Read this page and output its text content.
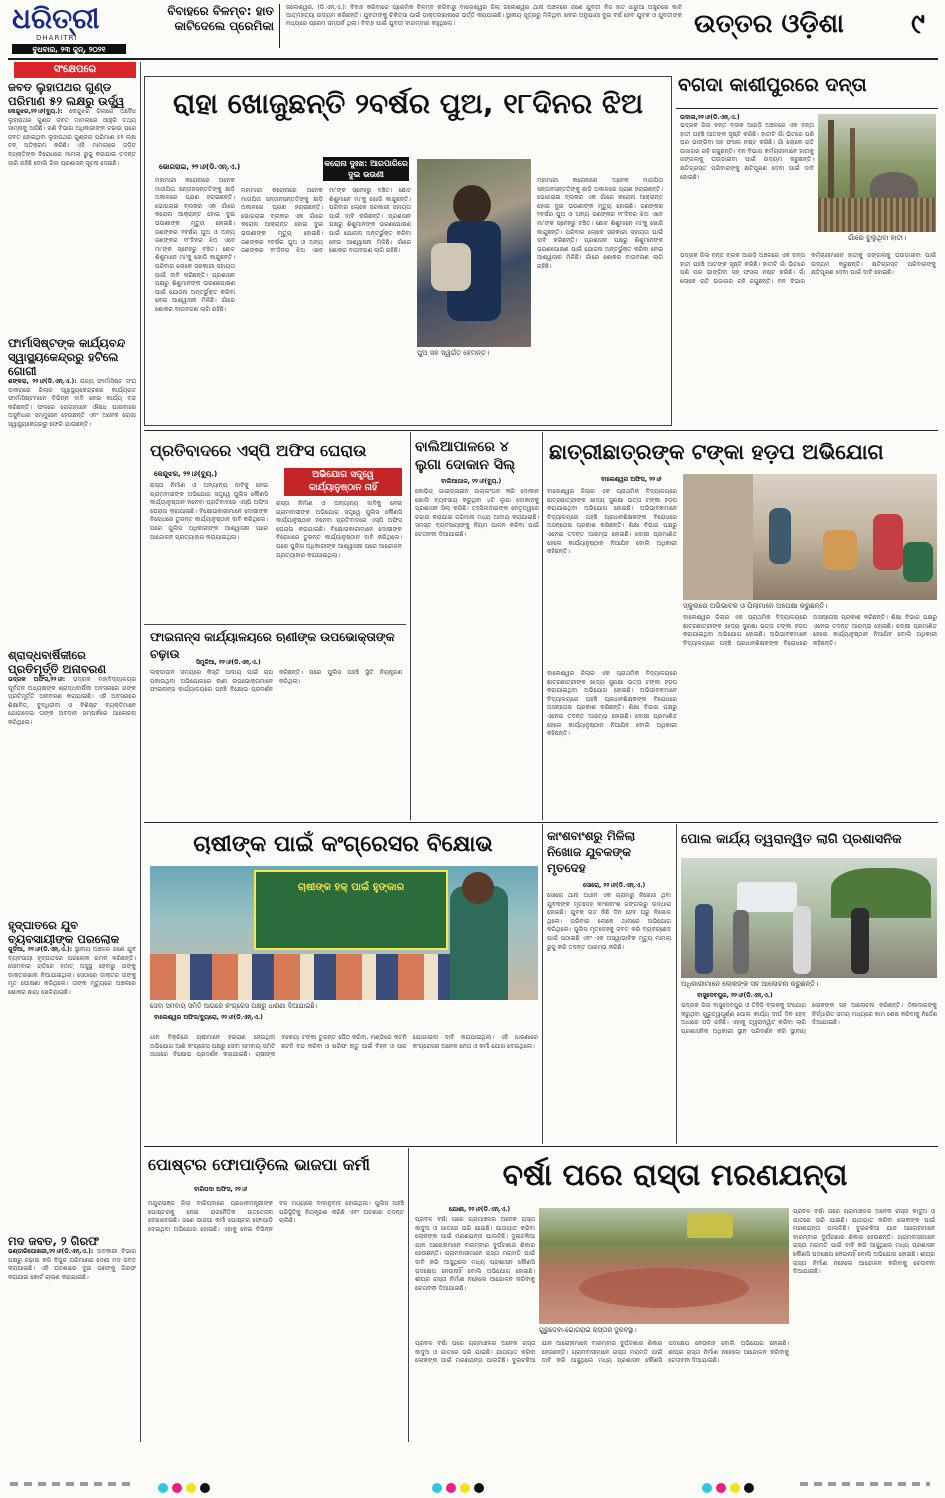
ଧରିତ୍ରୀ
DHARITRI
ବିବାହରେ ବିଳମ୍ବ: ହାତ କାଟିଦେଲେ ପ୍ରେମିକା
ଜଲେଶ୍ୱର, (ଡି.ଏନ୍.ଏ.): ବିବାହ କରିବାରେ ପ୍ରେମିକ ବିଳମ୍ବ କରିବାରୁ ବାଲେଶ୍ୱର ଜିଲା ଜଲେଶ୍ୱର ଥାନା ଅଞ୍ଚଳରେ ଜଣେ ଯୁବତୀ ନିଜ ହାତ ଧାରୁଆ ଅସ୍ତ୍ରରେ କାଟି ଆତ୍ମହତ୍ୟା ଉଦ୍ୟମ କରିଛନ୍ତି। ଯୁବତୀଙ୍କୁ ଚିକିତ୍ସା ପାଇଁ ଡାକ୍ତରଖାନାରେ ଭର୍ତ୍ତି କରାଯାଇଛି। ସ୍ଥାନୀୟ ସୂତ୍ରରୁ ମିଳିଥିବା ଖବର ଅନୁଯାୟୀ ଦୁଇ ବର୍ଷ ହେବ ଯୁବକ ଓ ଯୁବତୀଙ୍କ ମଧ୍ୟରେ ପ୍ରେମ ସମ୍ପର୍କ ଥିଲା। ବିବାହ ପାଇଁ ଯୁବତୀ ବାରମ୍ବାର କହୁଥିଲେ।	ଉତ୍ତର ଓଡ଼ିଶା	୯
ବୁଧବାର, ୨୩ ଜୁନ୍, ୨୦୨୧
ସଂକ୍ଷେପରେ
ଜବତ ଲୁହାପଥର ଗୁଣ୍ଡ ପରିମାଣ ୫୨ ଲକ୍ଷରୁ ଉର୍ଦ୍ଧ୍ୱ
କେନ୍ଦୁଝର,୨୨।୬(ବ୍ୟୁ.): କେନ୍ଦୁଝର ଜିଲାରେ ଅବୈଧ ଲୁହାପଥର ଗୁଣ୍ଡ ଜବତ ମାମଲାରେ ଆହୁରି ତଥ୍ୟ ସାମ୍ନାକୁ ଆସିଛି। ଖଣି ବିଭାଗ ଅଧିକାରୀଙ୍କ ଚଢ଼ାଉ ପରେ ଜବତ ହୋଇଥିବା ଲୁହାପଥର ଗୁଣ୍ଡର ପରିମାଣ ୫୨ ଲକ୍ଷ ଟନ୍ ଅତିକ୍ରମ କରିଛି। ଏହି ମାମଲାରେ ଜଡ଼ିତ ବ୍ୟକ୍ତିଙ୍କ ବିରୋଧରେ ମାମଲା ରୁଜୁ କରାଯାଇ ତଦନ୍ତ ଜାରି ରହିଛି ବୋଲି ଜିଲା ପ୍ରଶାସନ ସୂଚନା ଦେଇଛି।
ଫାର୍ମାସିଷ୍ଟଙ୍କ କାର୍ଯ୍ୟବନ୍ଦ ସ୍ୱାସ୍ଥ୍ୟକେନ୍ଦ୍ରରୁ ହଟିଲେ ଗୋଗୀ
ଶଙ୍କରା, ୨୨।୬(ଡି.ଏନ୍.ଏ.): ରାଜ୍ୟ ଫାର୍ମାସିଷ୍ଟ ସଂଘ ଡାକରାରେ ଜିଲାର ସ୍ୱାସ୍ଥ୍ୟକେନ୍ଦ୍ରରେ କାର୍ଯ୍ୟରତ ଫାର୍ମାସିଷ୍ଟମାନେ ବିଭିନ୍ନ ଦାବି ନେଇ କାର୍ଯ୍ୟ ବନ୍ଦ କରିଛନ୍ତି। ଫଳରେ ରୋଗୀମାନେ ଔଷଧ ପାଇବାରେ ଅସୁବିଧାର ସମ୍ମୁଖୀନ ହେଉଛନ୍ତି ଏବଂ ଅନେକ ରୋଗୀ ସ୍ୱାସ୍ଥ୍ୟକେନ୍ଦ୍ରରୁ ଫେରି ଯାଉଛନ୍ତି।
ଶ୍ରାଦ୍ଧବାର୍ଷିକୀରେ ପ୍ରତିମୂର୍ତ୍ତି ଅନାବରଣ
ଭଦ୍ରକ ଅଫିସ,୨୨।୬: ଭଦ୍ରକ ମହାବିଦ୍ୟାଳୟର ପୂର୍ବତନ ଅଧ୍ୟକ୍ଷଙ୍କ ଶ୍ରାଦ୍ଧବାର୍ଷିକୀ ଅବସରରେ ତାଙ୍କ ପ୍ରତିମୂର୍ତ୍ତି ଅନାବରଣ କରାଯାଇଛି। ଏହି ଅବସରରେ ଶିକ୍ଷାବିତ୍, ବୁଦ୍ଧିଜୀବୀ ଓ ବିଶିଷ୍ଟ ବ୍ୟକ୍ତିମାନେ ଯୋଗଦେଇ ତାଙ୍କ ଅବଦାନ ସମ୍ପର୍କରେ ଆଲୋଚନା କରିଥିଲେ।
ହୃଦ୍‌ଘାତରେ ଯୁବ ବ୍ୟବସାୟୀଙ୍କ ପରଲୋକ
ଗୁଡ଼ିଆ, ୨୨।୬(ଡି.ଏନ୍.ଏ.): ସ୍ଥାନୀୟ ଅଞ୍ଚଳର ଜଣେ ଯୁବ ବ୍ୟବସାୟୀ ହୃଦ୍‌ଘାତରେ ପରଲୋକ ଗମନ କରିଛନ୍ତି। ସୋମବାର ରାତିରେ ହଠାତ୍ ଅସୁସ୍ଥ ହେବାରୁ ତାଙ୍କୁ ଡାକ୍ତରଖାନା ନିଆଯାଇଥିଲା। ସେଠାରେ ଡାକ୍ତର ତାଙ୍କୁ ମୃତ ଘୋଷଣା କରିଥିଲେ। ତାଙ୍କ ମୃତ୍ୟୁରେ ଅଞ୍ଚଳରେ ଶୋକର ଛାୟା ଖେଳିଯାଇଛି।
ମଦ ଜବତ, ୨ ଗିରଫ
ଭଣ୍ଡାରିପୋଖରୀ,୨୨।୬(ଡି.ଏନ୍.ଏ.): ଅବକାରୀ ବିଭାଗ ପକ୍ଷରୁ ଚଢ଼ାଉ କରି ବିପୁଳ ପରିମାଣର ଦେଶୀ ମଦ ଜବତ କରାଯାଇଛି। ଏହି ଘଟଣାରେ ଦୁଇ ଜଣଙ୍କୁ ଗିରଫ କରାଯାଇ କୋର୍ଟ ଚାଲାଣ କରାଯାଇଛି।
ରାହା ଖୋଜୁଛନ୍ତି ୨ବର୍ଷର ପୁଅ, ୧୮ଦିନର ଝିଅ
ଭୋଗରାଇ, ୨୨।୬(ଡି.ଏନ୍.ଏ.)	କରୋନା ଦୁଃଖ: ଆରପାରିରେ ଦୁଇ ଭଉଣୀ
ମହାମାରୀ କରୋନାରେ ଅନେକ ମାତାପିତା ସନ୍ତାନସନ୍ତତିଙ୍କୁ ଛାଡ଼ି ଅକାଳରେ ପ୍ରାଣ ହରାଇଛନ୍ତି। ଭୋଗରାଇ ବ୍ଲକର ଏକ ଗାଁରେ କରୋନା ଆକ୍ରାନ୍ତ ହୋଇ ଦୁଇ ଭଉଣୀଙ୍କ ମୃତ୍ୟୁ ହୋଇଛି। ଜଣଙ୍କର ୨ବର୍ଷର ପୁଅ ଓ ଅନ୍ୟ ଜଣଙ୍କର ୧୮ଦିନର ଝିଅ ଏବେ ମା'ଙ୍କ ସ୍ନେହରୁ ବଞ୍ଚିତ। ଛୋଟ ଶିଶୁମାନେ ମା'କୁ ଖୋଜି କାନ୍ଦୁଛନ୍ତି। ପରିବାର ଲୋକେ ସରକାରୀ ସହାୟତା ପାଇଁ ଦାବି କରିଛନ୍ତି। ପ୍ରଶାସନ ପକ୍ଷରୁ ଶିଶୁମାନଙ୍କ ଭରଣପୋଷଣ ପାଇଁ ଯୋଜନା ଅନ୍ତର୍ଭୁକ୍ତ କରିବା ନେଇ ଆଶ୍ୱାସନା ମିଳିଛି। ଗାଁରେ ଶୋକର ବାତାବରଣ ଲାଗି ରହିଛି।
ମହାମାରୀ କରୋନାରେ ଅନେକ ମାତାପିତା ସନ୍ତାନସନ୍ତତିଙ୍କୁ ଛାଡ଼ି ଅକାଳରେ ପ୍ରାଣ ହରାଇଛନ୍ତି। ଭୋଗରାଇ ବ୍ଲକର ଏକ ଗାଁରେ କରୋନା ଆକ୍ରାନ୍ତ ହୋଇ ଦୁଇ ଭଉଣୀଙ୍କ ମୃତ୍ୟୁ ହୋଇଛି। ଜଣଙ୍କର ୨ବର୍ଷର ପୁଅ ଓ ଅନ୍ୟ ଜଣଙ୍କର ୧୮ଦିନର ଝିଅ ଏବେ ମା'ଙ୍କ ସ୍ନେହରୁ ବଞ୍ଚିତ। ଛୋଟ ଶିଶୁମାନେ ମା'କୁ ଖୋଜି କାନ୍ଦୁଛନ୍ତି। ପରିବାର ଲୋକେ ସରକାରୀ ସହାୟତା ପାଇଁ ଦାବି କରିଛନ୍ତି। ପ୍ରଶାସନ ପକ୍ଷରୁ ଶିଶୁମାନଙ୍କ ଭରଣପୋଷଣ ପାଇଁ ଯୋଜନା ଅନ୍ତର୍ଭୁକ୍ତ କରିବା ନେଇ ଆଶ୍ୱାସନା ମିଳିଛି। ଗାଁରେ ଶୋକର ବାତାବରଣ ଲାଗି ରହିଛି।
ପୁଅ ସହ ସ୍ୱର୍ଗତ ହେମନ୍ତ।
ମହାମାରୀ କରୋନାରେ ଅନେକ ମାତାପିତା ସନ୍ତାନସନ୍ତତିଙ୍କୁ ଛାଡ଼ି ଅକାଳରେ ପ୍ରାଣ ହରାଇଛନ୍ତି। ଭୋଗରାଇ ବ୍ଲକର ଏକ ଗାଁରେ କରୋନା ଆକ୍ରାନ୍ତ ହୋଇ ଦୁଇ ଭଉଣୀଙ୍କ ମୃତ୍ୟୁ ହୋଇଛି। ଜଣଙ୍କର ୨ବର୍ଷର ପୁଅ ଓ ଅନ୍ୟ ଜଣଙ୍କର ୧୮ଦିନର ଝିଅ ଏବେ ମା'ଙ୍କ ସ୍ନେହରୁ ବଞ୍ଚିତ। ଛୋଟ ଶିଶୁମାନେ ମା'କୁ ଖୋଜି କାନ୍ଦୁଛନ୍ତି। ପରିବାର ଲୋକେ ସରକାରୀ ସହାୟତା ପାଇଁ ଦାବି କରିଛନ୍ତି। ପ୍ରଶାସନ ପକ୍ଷରୁ ଶିଶୁମାନଙ୍କ ଭରଣପୋଷଣ ପାଇଁ ଯୋଜନା ଅନ୍ତର୍ଭୁକ୍ତ କରିବା ନେଇ ଆଶ୍ୱାସନା ମିଳିଛି। ଗାଁରେ ଶୋକର ବାତାବରଣ ଲାଗି ରହିଛି।
ବଗଦା କାଶୀପୁରରେ ଦନ୍ତା
ଉଦାଳା,୨୨।୬(ଡି.ଏନ୍.ଏ.)
ଭଦ୍ରକ ଜିଲା ବନ୍ତ ବ୍ଲକ ଆରଡ଼ି ଅଞ୍ଚଳରେ ଏକ ଦନ୍ତା ହାତୀ ପହଞ୍ଚି ଆତଙ୍କ ସୃଷ୍ଟି କରିଛି। ହାତୀଟି ଗାଁ ଭିତରେ ପଶି ଘର ଭାଙ୍ଗିବା ସହ ଫସଲ ନଷ୍ଟ କରିଛି। ଗାଁ ଲୋକେ ରାତି ଉଜାଗର ରହି ଜଗୁଛନ୍ତି। ବନ ବିଭାଗ କର୍ମଚାରୀମାନେ ହାତୀକୁ ଜଙ୍ଗଲକୁ ଘଉଡ଼ାଇବା ପାଇଁ ଉଦ୍ୟମ କରୁଛନ୍ତି। କ୍ଷତିଗ୍ରସ୍ତ ପରିବାରଙ୍କୁ କ୍ଷତିପୂରଣ ଦେବା ପାଇଁ ଦାବି ହୋଇଛି।
ଗାଁରେ ବୁଲୁଥିବା ହାତୀ।
ଭଦ୍ରକ ଜିଲା ବନ୍ତ ବ୍ଲକ ଆରଡ଼ି ଅଞ୍ଚଳରେ ଏକ ଦନ୍ତା ହାତୀ ପହଞ୍ଚି ଆତଙ୍କ ସୃଷ୍ଟି କରିଛି। ହାତୀଟି ଗାଁ ଭିତରେ ପଶି ଘର ଭାଙ୍ଗିବା ସହ ଫସଲ ନଷ୍ଟ କରିଛି। ଗାଁ ଲୋକେ ରାତି ଉଜାଗର ରହି ଜଗୁଛନ୍ତି। ବନ ବିଭାଗ କର୍ମଚାରୀମାନେ ହାତୀକୁ ଜଙ୍ଗଲକୁ ଘଉଡ଼ାଇବା ପାଇଁ ଉଦ୍ୟମ କରୁଛନ୍ତି। କ୍ଷତିଗ୍ରସ୍ତ ପରିବାରଙ୍କୁ କ୍ଷତିପୂରଣ ଦେବା ପାଇଁ ଦାବି ହୋଇଛି।
ପ୍ରତିବାଦରେ ଏସ୍‌ପି ଅଫିସ ଘେରାଉ
କେନ୍ଦୁଝର, ୨୨।୬(ବ୍ୟୁ.)
ରାସ୍ତା ନିର୍ମାଣ ଓ ଅନ୍ୟାନ୍ୟ ଦାବିକୁ ନେଇ ଗ୍ରାମବାସୀଙ୍କ ଅଭିଯୋଗ ସତ୍ତ୍ୱେ ପୁଲିସ କୌଣସି କାର୍ଯ୍ୟାନୁଷ୍ଠାନ ନନେବା ପ୍ରତିବାଦରେ ଏସ୍‌ପି ଅଫିସ ଘେରାଉ କରାଯାଇଛି। ବିକ୍ଷୋଭକାରୀମାନେ ଦୋଷୀଙ୍କ ବିରୋଧରେ ତୁରନ୍ତ କାର୍ଯ୍ୟାନୁଷ୍ଠାନ ଦାବି କରିଥିଲେ। ପରେ ପୁଲିସ ଅଧିକାରୀଙ୍କ ଆଶ୍ୱାସନା ପରେ ଆନ୍ଦୋଳନ ପ୍ରତ୍ୟାହାର କରାଯାଇଥିଲା।
ଅଭିଯୋଗ ସତ୍ତ୍ୱେ କାର୍ଯ୍ୟାନୁଷ୍ଠାନ ନାହିଁ
ରାସ୍ତା ନିର୍ମାଣ ଓ ଅନ୍ୟାନ୍ୟ ଦାବିକୁ ନେଇ ଗ୍ରାମବାସୀଙ୍କ ଅଭିଯୋଗ ସତ୍ତ୍ୱେ ପୁଲିସ କୌଣସି କାର୍ଯ୍ୟାନୁଷ୍ଠାନ ନନେବା ପ୍ରତିବାଦରେ ଏସ୍‌ପି ଅଫିସ ଘେରାଉ କରାଯାଇଛି। ବିକ୍ଷୋଭକାରୀମାନେ ଦୋଷୀଙ୍କ ବିରୋଧରେ ତୁରନ୍ତ କାର୍ଯ୍ୟାନୁଷ୍ଠାନ ଦାବି କରିଥିଲେ। ପରେ ପୁଲିସ ଅଧିକାରୀଙ୍କ ଆଶ୍ୱାସନା ପରେ ଆନ୍ଦୋଳନ ପ୍ରତ୍ୟାହାର କରାଯାଇଥିଲା।
ବାଲିଆପାଳରେ ୪ ଲୁଗା ଦୋକାନ ସିଲ୍
ବାଲିଆପାଳ, ୨୨।୬(ବ୍ୟୁ.)
କୋଭିଡ୍ ଗାଇଡ୍‌ଲାଇନ ଉଲ୍ଲଂଘନ କରି ଦୋକାନ ଖୋଲି ବ୍ୟବସାୟ କରୁଥିବା ୪ଟି ଲୁଗା ଦୋକାନକୁ ପ୍ରଶାସନ ସିଲ୍ କରିଛି। ତହସିଲଦାରଙ୍କ ନେତୃତ୍ୱରେ ଚଢ଼ାଉ କରାଯାଇ ଜରିମାନା ମଧ୍ୟ ଆଦାୟ କରାଯାଇଛି। ସମସ୍ତ ବ୍ୟବସାୟୀଙ୍କୁ ନିୟମ ପାଳନ କରିବା ପାଇଁ ଚେତାବନୀ ଦିଆଯାଇଛି।
ଛାତ୍ରୀଛାତ୍ରଙ୍କ ଟଙ୍କା ହଡ଼ପ ଅଭିଯୋଗ
ବାଲେଶ୍ୱର ଅଫିସ, ୨୨।୬
ବାଲେଶ୍ୱର ଜିଲାର ଏକ ପ୍ରାଥମିକ ବିଦ୍ୟାଳୟରେ ଛାତ୍ରଛାତ୍ରୀଙ୍କ ଖାଦ୍ୟ ସୁରକ୍ଷା ଭତ୍ତା ଟଙ୍କା ହଡ଼ପ କରାଯାଇଥିବା ଅଭିଯୋଗ ହୋଇଛି। ଅଭିଭାବକମାନେ ବିଦ୍ୟାଳୟରେ ପହଞ୍ଚି ପ୍ରଧାନଶିକ୍ଷକଙ୍କ ବିରୋଧରେ ଅସନ୍ତୋଷ ପ୍ରକାଶ କରିଛନ୍ତି। ଶିକ୍ଷା ବିଭାଗ ପକ୍ଷରୁ ଏନେଇ ତଦନ୍ତ ଆରମ୍ଭ ହୋଇଛି। ଦୋଷୀ ପ୍ରମାଣିତ ହେଲେ କାର୍ଯ୍ୟାନୁଷ୍ଠାନ ନିଆଯିବ ବୋଲି ଅଧିକାରୀ କହିଛନ୍ତି।
ସ୍କୁଲରେ ଅଭିଭାବକ ଓ ପିଲାମାନେ ଅପେକ୍ଷା କରୁଛନ୍ତି।
ବାଲେଶ୍ୱର ଜିଲାର ଏକ ପ୍ରାଥମିକ ବିଦ୍ୟାଳୟରେ ଛାତ୍ରଛାତ୍ରୀଙ୍କ ଖାଦ୍ୟ ସୁରକ୍ଷା ଭତ୍ତା ଟଙ୍କା ହଡ଼ପ କରାଯାଇଥିବା ଅଭିଯୋଗ ହୋଇଛି। ଅଭିଭାବକମାନେ ବିଦ୍ୟାଳୟରେ ପହଞ୍ଚି ପ୍ରଧାନଶିକ୍ଷକଙ୍କ ବିରୋଧରେ ଅସନ୍ତୋଷ ପ୍ରକାଶ କରିଛନ୍ତି। ଶିକ୍ଷା ବିଭାଗ ପକ୍ଷରୁ ଏନେଇ ତଦନ୍ତ ଆରମ୍ଭ ହୋଇଛି। ଦୋଷୀ ପ୍ରମାଣିତ ହେଲେ କାର୍ଯ୍ୟାନୁଷ୍ଠାନ ନିଆଯିବ ବୋଲି ଅଧିକାରୀ କହିଛନ୍ତି।
ବାଲେଶ୍ୱର ଜିଲାର ଏକ ପ୍ରାଥମିକ ବିଦ୍ୟାଳୟରେ ଛାତ୍ରଛାତ୍ରୀଙ୍କ ଖାଦ୍ୟ ସୁରକ୍ଷା ଭତ୍ତା ଟଙ୍କା ହଡ଼ପ କରାଯାଇଥିବା ଅଭିଯୋଗ ହୋଇଛି। ଅଭିଭାବକମାନେ ବିଦ୍ୟାଳୟରେ ପହଞ୍ଚି ପ୍ରଧାନଶିକ୍ଷକଙ୍କ ବିରୋଧରେ ଅସନ୍ତୋଷ ପ୍ରକାଶ କରିଛନ୍ତି। ଶିକ୍ଷା ବିଭାଗ ପକ୍ଷରୁ ଏନେଇ ତଦନ୍ତ ଆରମ୍ଭ ହୋଇଛି। ଦୋଷୀ ପ୍ରମାଣିତ ହେଲେ କାର୍ଯ୍ୟାନୁଷ୍ଠାନ ନିଆଯିବ ବୋଲି ଅଧିକାରୀ କହିଛନ୍ତି।
ଫାଇନାନ୍ସ କାର୍ଯ୍ୟାଳୟରେ ଋଣୀଙ୍କ ଉପଭୋକ୍ତାଙ୍କ ଚଢ଼ାଉ
ସିମୁଳିଆ, ୨୨।୬(ଡି.ଏନ୍.ଏ.)
ଲକ୍‌ଡାଉନ ସମୟରେ କିସ୍ତି ଆଦାୟ ପାଇଁ ଚାପ ପକାଉଥିବା ଅଭିଯୋଗରେ ଋଣୀ ଉପଭୋକ୍ତାମାନେ ଫାଇନାନ୍ସ କାର୍ଯ୍ୟାଳୟରେ ପହଞ୍ଚି ବିକ୍ଷୋଭ ପ୍ରଦର୍ଶନ କରିଛନ୍ତି। ପରେ ପୁଲିସ ପହଞ୍ଚି ସ୍ଥିତି ନିୟନ୍ତ୍ରଣ କରିଥିଲା।
ଚାଷୀଙ୍କ ପାଇଁ କଂଗ୍ରେସର ବିକ୍ଷୋଭ
ଚାଷୀଙ୍କ ହକ୍ ପାଇଁ ହୁଙ୍କାର
ସେବା ସମବାୟ ସମିତି ଆଗରେ କଂଗ୍ରେସ ପକ୍ଷରୁ ଧାରଣା ଦିଆଯାଇଛି।
ବାଲେଶ୍ୱର ଅଫିସ/ବ୍ୟୁରୋ, ୨୨।୬(ଡି.ଏନ୍.ଏ.)
ଧାନ ବିକ୍ରିରେ ଚାଷୀମାନେ ହଇରାଣ ହେଉଥିବା ଅଭିଯୋଗ ଆଣି କଂଗ୍ରେସ ପକ୍ଷରୁ ସେବା ସମବାୟ ସମିତି ଆଗରେ ବିକ୍ଷୋଭ ପ୍ରଦର୍ଶନ କରାଯାଇଛି। ଚାଷୀଙ୍କ ବକେୟା ଟଙ୍କା ତୁରନ୍ତ ପୈଠ କରିବା, ମଣ୍ଡିରେ କଟନି ଛଟନି ବନ୍ଦ କରିବା ଓ ଖରିଫ ଋତୁ ପାଇଁ ବିହନ ଓ ସାର ଯୋଗାଇବା ଦାବି କରାଯାଇଥିଲା। ଏହି ଧାରଣାରେ କଂଗ୍ରେସର ଅନେକ ନେତା ଓ କର୍ମୀ ଯୋଗ ଦେଇଥିଲେ।
କାଂଶବାଂଶରୁ ମିଳିଲା ନିଖୋଜ ଯୁବକଙ୍କ ମୃତଦେହ
ସୋରୋ, ୨୨।୬(ଡି.ଏନ୍.ଏ.)
ସୋରୋ ଥାନା ଅଧୀନ ଏକ ଗ୍ରାମରୁ ନିଖୋଜ ଥିବା ଯୁବକଙ୍କ ମୃତଦେହ କାଂଶବାଂଶ ଜଙ୍ଗଲରୁ ଉଦ୍ଧାର ହୋଇଛି। ଯୁବକ ଗତ କିଛି ଦିନ ହେବ ଘରୁ ନିଖୋଜ ଥିଲେ। ପରିବାର ଲୋକେ ଥାନାରେ ଅଭିଯୋଗ କରିଥିଲେ। ପୁଲିସ ମୃତଦେହକୁ ଜବତ କରି ବ୍ୟବଚ୍ଛେଦ ପାଇଁ ପଠାଇଛି ଏବଂ ଏକ ଅସ୍ୱାଭାବିକ ମୃତ୍ୟୁ ମାମଲା ରୁଜୁ କରି ତଦନ୍ତ ଆରମ୍ଭ କରିଛି।
ପୋଲ କାର୍ଯ୍ୟ ତ୍ୱରାନ୍ୱିତ ଲାଗି ପ୍ରଶାସନିକ
ଅଧିକାରୀମାନେ ଲୋକଙ୍କ ସହ ଆଲୋଚନା କରୁଛନ୍ତି।
ବାସୁଦେବପୁର, ୨୨।୬(ଡି.ଏନ୍.ଏ.)
ଭଦ୍ରକ ଜିଲା ବାସୁଦେବପୁର ଓ ତିହିଡ଼ି ବ୍ଲକକୁ ସଂଯୋଗ କରୁଥିବା ଗୁରୁତ୍ୱପୂର୍ଣ୍ଣ ପୋଲ କାର୍ଯ୍ୟ ଦୀର୍ଘ ଦିନ ହେବ ଅଧାରେ ପଡ଼ି ରହିଛି। ଏହାକୁ ତ୍ୱରାନ୍ୱିତ କରିବା ଲାଗି ପ୍ରଶାସନିକ ଅଧିକାରୀ ସ୍ଥାନ ପରିଦର୍ଶନ କରି ସ୍ଥାନୀୟ ଲୋକଙ୍କ ସହ ଆଲୋଚନା କରିଛନ୍ତି। ଠିକାଦାରଙ୍କୁ ନିର୍ଦ୍ଧାରିତ ସମୟ ମଧ୍ୟରେ କାମ ଶେଷ କରିବାକୁ ନିର୍ଦ୍ଦେଶ ଦିଆଯାଇଛି।
ପୋଷ୍ଟର ଫୋପାଡ଼ିଲେ ଭାଜପା କର୍ମୀ
ବାରିପଦା ଅଫିସ, ୨୨।୬
ମୟୂରଭଞ୍ଜ ଜିଲା ବାରିପଦାରେ ପ୍ରଧାନମନ୍ତ୍ରୀଙ୍କ ପୋଷ୍ଟରକୁ ନେଇ ରାଜନୈତିକ ଉତ୍ତେଜନା ଦେଖାଦେଇଛି। ଜଣେ ଭାଜପା କର୍ମୀ ପୋଷ୍ଟର ଫୋପାଡ଼ି ଦେଇଥିବା ଅଭିଯୋଗ ହୋଇଛି। ଏହାକୁ ନେଇ ବିଭିନ୍ନ ଦଳ ମଧ୍ୟରେ ବାଦାନୁବାଦ ହୋଇଥିଲା। ପୁଲିସ ପହଞ୍ଚି ପରିସ୍ଥିତିକୁ ନିୟନ୍ତ୍ରଣ କରିଛି ଏବଂ ଘଟଣାର ତଦନ୍ତ ଚାଲିଛି।
ବର୍ଷା ପରେ ରାସ୍ତା ମରଣଯନ୍ତା
ଯୋଶୀ, ୨୨।୬(ଡି.ଏନ୍.ଏ.)
ପ୍ରବଳ ବର୍ଷା ପରେ ଗ୍ରାମାଞ୍ଚଳର ଅନେକ ରାସ୍ତା କାଦୁଅ ଓ ଗାତରେ ଭରି ଯାଇଛି। ଯାତାୟାତ କରିବା ଲୋକଙ୍କ ପାଇଁ ମରଣଯନ୍ତା ପାଲଟିଛି। ଦୁଇଚକିଆ ଯାନ ଆରୋହୀମାନେ ବାରମ୍ବାର ଦୁର୍ଘଟଣାର ଶିକାର ହେଉଛନ୍ତି। ଗ୍ରାମବାସୀମାନେ ରାସ୍ତା ମରାମତି ପାଇଁ ଦାବି କରି ଆସୁଥିଲେ ମଧ୍ୟ ପ୍ରଶାସନ କୌଣସି ପଦକ୍ଷେପ ନେଉନାହିଁ ବୋଲି ଅଭିଯୋଗ ହୋଇଛି। ଶୀଘ୍ର ରାସ୍ତା ନିର୍ମାଣ ନହେଲେ ଆନ୍ଦୋଳନ କରିବାକୁ ଚେତାବନୀ ଦିଆଯାଇଛି।
ଗୁରୁଡେବା-ଭୋଗରାଇ ରାସ୍ତାର ଦୁରବସ୍ଥା।
ପ୍ରବଳ ବର୍ଷା ପରେ ଗ୍ରାମାଞ୍ଚଳର ଅନେକ ରାସ୍ତା କାଦୁଅ ଓ ଗାତରେ ଭରି ଯାଇଛି। ଯାତାୟାତ କରିବା ଲୋକଙ୍କ ପାଇଁ ମରଣଯନ୍ତା ପାଲଟିଛି। ଦୁଇଚକିଆ ଯାନ ଆରୋହୀମାନେ ବାରମ୍ବାର ଦୁର୍ଘଟଣାର ଶିକାର ହେଉଛନ୍ତି। ଗ୍ରାମବାସୀମାନେ ରାସ୍ତା ମରାମତି ପାଇଁ ଦାବି କରି ଆସୁଥିଲେ ମଧ୍ୟ ପ୍ରଶାସନ କୌଣସି ପଦକ୍ଷେପ ନେଉନାହିଁ ବୋଲି ଅଭିଯୋଗ ହୋଇଛି। ଶୀଘ୍ର ରାସ୍ତା ନିର୍ମାଣ ନହେଲେ ଆନ୍ଦୋଳନ କରିବାକୁ ଚେତାବନୀ ଦିଆଯାଇଛି।
ପ୍ରବଳ ବର୍ଷା ପରେ ଗ୍ରାମାଞ୍ଚଳର ଅନେକ ରାସ୍ତା କାଦୁଅ ଓ ଗାତରେ ଭରି ଯାଇଛି। ଯାତାୟାତ କରିବା ଲୋକଙ୍କ ପାଇଁ ମରଣଯନ୍ତା ପାଲଟିଛି। ଦୁଇଚକିଆ ଯାନ ଆରୋହୀମାନେ ବାରମ୍ବାର ଦୁର୍ଘଟଣାର ଶିକାର ହେଉଛନ୍ତି। ଗ୍ରାମବାସୀମାନେ ରାସ୍ତା ମରାମତି ପାଇଁ ଦାବି କରି ଆସୁଥିଲେ ମଧ୍ୟ ପ୍ରଶାସନ କୌଣସି ପଦକ୍ଷେପ ନେଉନାହିଁ ବୋଲି ଅଭିଯୋଗ ହୋଇଛି। ଶୀଘ୍ର ରାସ୍ତା ନିର୍ମାଣ ନହେଲେ ଆନ୍ଦୋଳନ କରିବାକୁ ଚେତାବନୀ ଦିଆଯାଇଛି।
